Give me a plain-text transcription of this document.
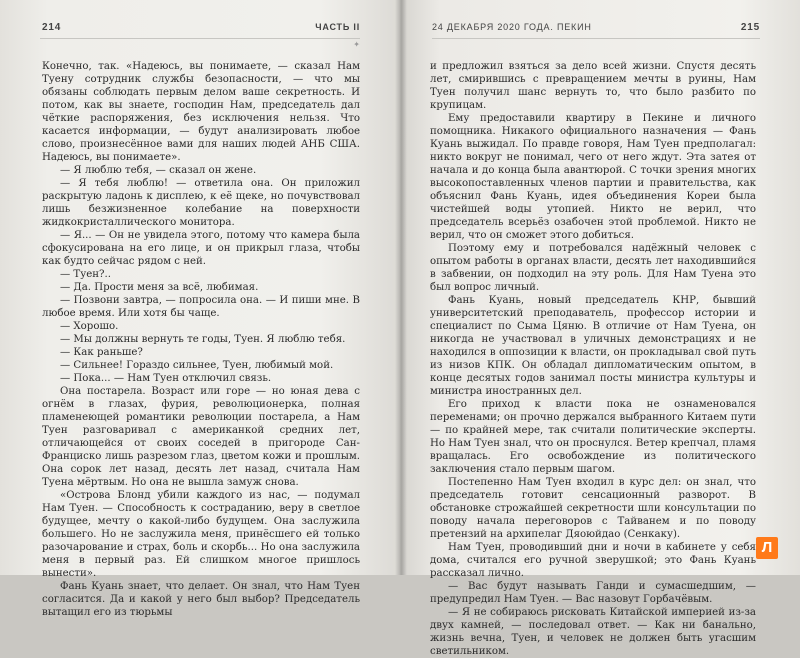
214	ЧАСТЬ II
✦

Конечно, так. «Надеюсь, вы понимаете, — сказал Нам Туену сотрудник службы безопасности, — что мы обязаны соблюдать первым делом ваше секретность. И потом, как вы знаете, господин Нам, председатель дал чёткие распоряжения, без исключения нельзя. Что касается информации, — будут анализировать любое слово, произнесённое вами для наших людей АНБ США. Надеюсь, вы понимаете».

— Я люблю тебя, — сказал он жене.

— Я тебя люблю! — ответила она. Он приложил раскрытую ладонь к дисплею, к её щеке, но почувствовал лишь безжизненное колебание на поверхности жидкокристаллического монитора.

— Я... — Он не увидела этого, потому что камера была сфокусирована на его лице, и он прикрыл глаза, чтобы как будто сейчас рядом с ней.

— Туен?..

— Да. Прости меня за всё, любимая.

— Позвони завтра, — попросила она. — И пиши мне. В любое время. Или хотя бы чаще.

— Хорошо.

— Мы должны вернуть те годы, Туен. Я люблю тебя.

— Как раньше?

— Сильнее! Гораздо сильнее, Туен, любимый мой.

— Пока... — Нам Туен отключил связь.

Она постарела. Возраст или горе — но юная дева с огнём в глазах, фурия, революционерка, полная пламенеющей романтики революции постарела, а Нам Туен разговаривал с американкой средних лет, отличающейся от своих соседей в пригороде Сан-Франциско лишь разрезом глаз, цветом кожи и прошлым. Она сорок лет назад, десять лет назад, считала Нам Туена мёртвым. Но она не вышла замуж снова.

«Острова Блонд убили каждого из нас, — подумал Нам Туен. — Способность к состраданию, веру в светлое будущее, мечту о какой-либо будущем. Она заслужила большего. Но не заслужила меня, принёсшего ей только разочарование и страх, боль и скорбь... Но она заслужила меня в первый раз. Ей слишком многое пришлось вынести».

Фань Куань знает, что делает. Он знал, что Нам Туен согласится. Да и какой у него был выбор? Председатель вытащил его из тюрьмы

24 ДЕКАБРЯ 2020 ГОДА. ПЕКИН	215

и предложил взяться за дело всей жизни. Спустя десять лет, смирившись с превращением мечты в руины, Нам Туен получил шанс вернуть то, что было разбито по крупицам.

Ему предоставили квартиру в Пекине и личного помощника. Никакого официального назначения — Фань Куань выжидал. По правде говоря, Нам Туен предполагал: никто вокруг не понимал, чего от него ждут. Эта затея от начала и до конца была авантюрой. С точки зрения многих высокопоставленных членов партии и правительства, как объяснил Фань Куань, идея объединения Кореи была чистейшей воды утопией. Никто не верил, что председатель всерьёз озабочен этой проблемой. Никто не верил, что он сможет этого добиться.

Поэтому ему и потребовался надёжный человек с опытом работы в органах власти, десять лет находившийся в забвении, он подходил на эту роль. Для Нам Туена это был вопрос личный.

Фань Куань, новый председатель КНР, бывший университетский преподаватель, профессор истории и специалист по Сыма Цяню. В отличие от Нам Туена, он никогда не участвовал в уличных демонстрациях и не находился в оппозиции к власти, он прокладывал свой путь из низов КПК. Он обладал дипломатическим опытом, в конце десятых годов занимал посты министра культуры и министра иностранных дел.

Его приход к власти пока не ознаменовался переменами; он прочно держался выбранного Китаем пути — по крайней мере, так считали политические эксперты. Но Нам Туен знал, что он проснулся. Ветер крепчал, пламя вращалась. Его освобождение из политического заключения стало первым шагом.

Постепенно Нам Туен входил в курс дел: он знал, что председатель готовит сенсационный разворот. В обстановке строжайшей секретности шли консультации по поводу начала переговоров с Тайванем и по поводу претензий на архипелаг Дяоюйдао (Сенкаку).

Нам Туен, проводивший дни и ночи в кабинете у себя дома, считался его ручной зверушкой; это Фань Куань рассказал лично.

— Вас будут называть Ганди и сумасшедшим, — предупредил Нам Туен. — Вас назовут Горбачёвым.

— Я не собираюсь рисковать Китайской империей из-за двух камней, — последовал ответ. — Как ни банально, жизнь вечна, Туен, и человек не должен быть угасшим светильником.

Л
